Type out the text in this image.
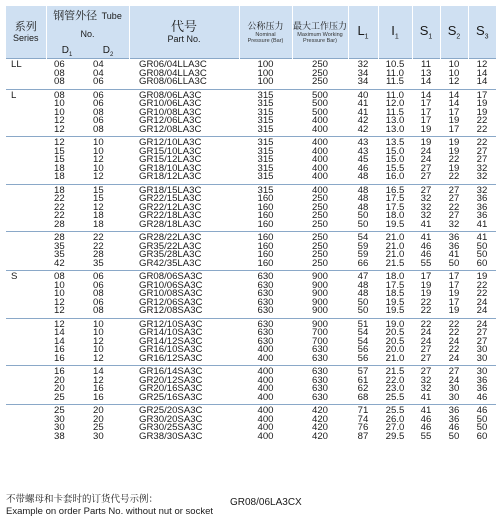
系列
Series	钢管外径 Tube No.
$D_1$ $D_2$		代号
Part No.	公称压力
Nominal
Pressure (Bar)	最大工作压力
Maximum Working
Pressure Bar)	$L_1$	$I_1$	$S_1$	$S_2$	$S_3$
LL	06	04	GR06/04LLA3C	100	250	32	10.5	11	10	12
	08	04	GR08/04LLA3C	100	250	34	11.0	13	10	14
	08	06	GR08/06LLA3C	100	250	34	11.5	14	12	14
L	08	06	GR08/06LA3C	315	500	40	11.0	14	14	17
	10	06	GR10/06LA3C	315	500	41	12.0	17	14	19
	10	08	GR10/08LA3C	315	500	41	11.5	17	17	19
	12	06	GR12/06LA3C	315	400	42	13.0	17	19	22
	12	08	GR12/08LA3C	315	400	42	13.0	19	17	22
	12	10	GR12/10LA3C	315	400	43	13.5	19	19	22
	15	10	GR15/10LA3C	315	400	43	15.0	24	19	27
	15	12	GR15/12LA3C	315	400	45	15.0	24	22	27
	18	10	GR18/10LA3C	315	400	46	15.5	27	19	32
	18	12	GR18/12LA3C	315	400	48	16.0	27	22	32
	18	15	GR18/15LA3C	315	400	48	16.5	27	27	32
	22	15	GR22/15LA3C	160	250	48	17.5	32	27	36
	22	12	GR22/12LA3C	160	250	48	17.5	32	22	36
	22	18	GR22/18LA3C	160	250	50	18.0	32	27	36
	28	18	GR28/18LA3C	160	250	50	19.5	41	32	41
	28	22	GR28/22LA3C	160	250	54	21.0	41	36	41
	35	22	GR35/22LA3C	160	250	59	21.0	46	36	50
	35	28	GR35/28LA3C	160	250	59	21.0	46	41	50
	42	35	GR42/35LA3C	160	250	66	21.5	55	50	60
S	08	06	GR08/06SA3C	630	900	47	18.0	17	17	19
	10	06	GR10/06SA3C	630	900	48	17.5	19	17	22
	10	08	GR10/08SA3C	630	900	48	18.5	19	19	22
	12	06	GR12/06SA3C	630	900	50	19.5	22	17	24
	12	08	GR12/08SA3C	630	900	50	19.5	22	19	24
	12	10	GR12/10SA3C	630	900	51	19.0	22	22	24
	14	10	GR14/10SA3C	630	700	54	20.5	24	22	27
	14	12	GR14/12SA3C	630	700	54	20.5	24	24	27
	16	10	GR16/10SA3C	400	630	56	20.0	27	22	30
	16	12	GR16/12SA3C	400	630	56	21.0	27	24	30
	16	14	GR16/14SA3C	400	630	57	21.5	27	27	30
	20	12	GR20/12SA3C	400	630	61	22.0	32	24	36
	20	16	GR20/16SA3C	400	630	62	23.0	32	30	36
	25	16	GR25/16SA3C	400	630	68	25.5	41	30	46
	25	20	GR25/20SA3C	400	420	71	25.5	41	36	46
	30	20	GR30/20SA3C	400	420	74	26.0	46	36	50
	30	25	GR30/25SA3C	400	420	76	27.0	46	46	50
	38	30	GR38/30SA3C	400	420	87	29.5	55	50	60
不带螺母和卡套时的订货代号示例：
Example on order Parts No. without nut or socket
GR08/06LA3CX
